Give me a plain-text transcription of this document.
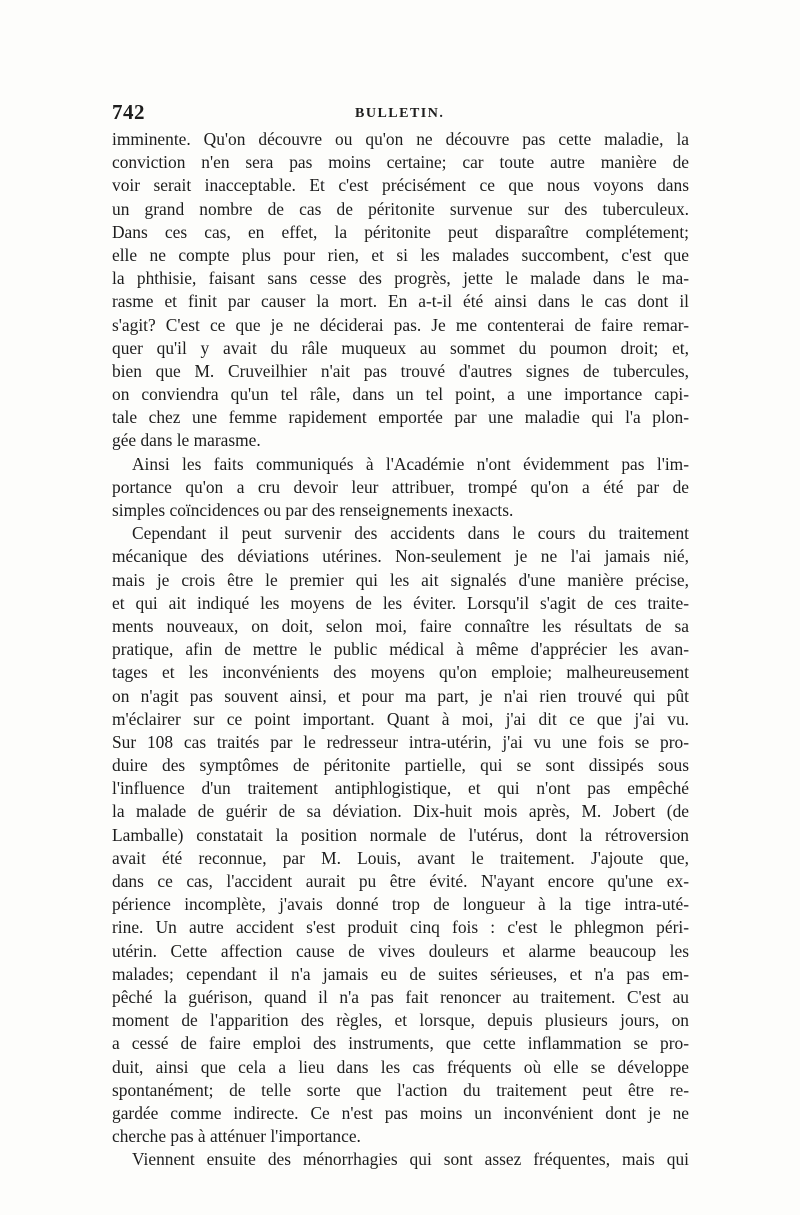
742	BULLETIN.
imminente. Qu'on découvre ou qu'on ne découvre pas cette maladie, la
conviction n'en sera pas moins certaine; car toute autre manière de
voir serait inacceptable. Et c'est précisément ce que nous voyons dans
un grand nombre de cas de péritonite survenue sur des tuberculeux.
Dans ces cas, en effet, la péritonite peut disparaître complétement;
elle ne compte plus pour rien, et si les malades succombent, c'est que
la phthisie, faisant sans cesse des progrès, jette le malade dans le ma-
rasme et finit par causer la mort. En a-t-il été ainsi dans le cas dont il
s'agit? C'est ce que je ne déciderai pas. Je me contenterai de faire remar-
quer qu'il y avait du râle muqueux au sommet du poumon droit; et,
bien que M. Cruveilhier n'ait pas trouvé d'autres signes de tubercules,
on conviendra qu'un tel râle, dans un tel point, a une importance capi-
tale chez une femme rapidement emportée par une maladie qui l'a plon-
gée dans le marasme.
Ainsi les faits communiqués à l'Académie n'ont évidemment pas l'im-
portance qu'on a cru devoir leur attribuer, trompé qu'on a été par de
simples coïncidences ou par des renseignements inexacts.
Cependant il peut survenir des accidents dans le cours du traitement
mécanique des déviations utérines. Non-seulement je ne l'ai jamais nié,
mais je crois être le premier qui les ait signalés d'une manière précise,
et qui ait indiqué les moyens de les éviter. Lorsqu'il s'agit de ces traite-
ments nouveaux, on doit, selon moi, faire connaître les résultats de sa
pratique, afin de mettre le public médical à même d'apprécier les avan-
tages et les inconvénients des moyens qu'on emploie; malheureusement
on n'agit pas souvent ainsi, et pour ma part, je n'ai rien trouvé qui pût
m'éclairer sur ce point important. Quant à moi, j'ai dit ce que j'ai vu.
Sur 108 cas traités par le redresseur intra-utérin, j'ai vu une fois se pro-
duire des symptômes de péritonite partielle, qui se sont dissipés sous
l'influence d'un traitement antiphlogistique, et qui n'ont pas empêché
la malade de guérir de sa déviation. Dix-huit mois après, M. Jobert (de
Lamballe) constatait la position normale de l'utérus, dont la rétroversion
avait été reconnue, par M. Louis, avant le traitement. J'ajoute que,
dans ce cas, l'accident aurait pu être évité. N'ayant encore qu'une ex-
périence incomplète, j'avais donné trop de longueur à la tige intra-uté-
rine. Un autre accident s'est produit cinq fois : c'est le phlegmon péri-
utérin. Cette affection cause de vives douleurs et alarme beaucoup les
malades; cependant il n'a jamais eu de suites sérieuses, et n'a pas em-
pêché la guérison, quand il n'a pas fait renoncer au traitement. C'est au
moment de l'apparition des règles, et lorsque, depuis plusieurs jours, on
a cessé de faire emploi des instruments, que cette inflammation se pro-
duit, ainsi que cela a lieu dans les cas fréquents où elle se développe
spontanément; de telle sorte que l'action du traitement peut être re-
gardée comme indirecte. Ce n'est pas moins un inconvénient dont je ne
cherche pas à atténuer l'importance.
Viennent ensuite des ménorrhagies qui sont assez fréquentes, mais qui
